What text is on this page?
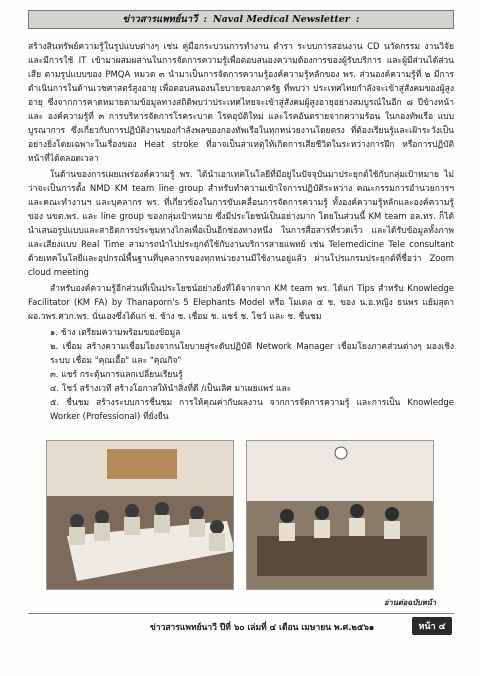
ข่าวสารแพทย์นาวี : Naval Medical Newsletter :

สร้างสินทรัพย์ความรู้ในรูปแบบต่างๆ เช่น คู่มือกระบวนการทำงาน ตำรา ระบบการสอนงาน CD นวัตกรรม งานวิจัย และมีการใช้ IT เข้ามาผสมผสานในการจัดการความรู้เพื่อตอบสนองความต้องการของผู้รับบริการ และผู้มีส่วนได้ส่วนเสีย ตามรูปแบบของ PMQA หมวด ๓ นำมาเป็นการจัดการความรู้องค์ความรู้หลักของ พร. ส่วนองค์ความรู้ที่ ๒ มีการดำเนินการในด้านเวชศาสตร์สูงอายุ เพื่อตอบสนองนโยบายของภาครัฐ ที่พบว่า ประเทศไทยกำลังจะเข้าสู่สังคมของผู้สูงอายุ ซึ่งจากการคาดหมายตามข้อมูลทางสถิติพบว่าประเทศไทยจะเข้าสู่สังคมผู้สูงอายุอย่างสมบูรณ์ในอีก ๘ ปีข้างหน้า และ องค์ความรู้ที่ ๓ การบริหารจัดการโรคระบาด โรคอุบัติใหม่ และโรคอันตรายจากความร้อน ในกองทัพเรือ แบบบูรณาการ ซึ่งเกี่ยวกับการปฏิบัติงานของกำลังพลของกองทัพเรือในทุกหน่วยงานโดยตรง ที่ต้องเรียนรู้และเฝ้าระวังเป็นอย่างยิ่งโดยเฉพาะในเรื่องของ Heat stroke ที่อาจเป็นสาเหตุให้เกิดการเสียชีวิตในระหว่างการฝึก หรือการปฏิบัติหน้าที่ได้ตลอดเวลา

ในด้านของการเผยแพร่องค์ความรู้ พร. ได้นำเอาเทคโนโลยีที่มีอยู่ในปัจจุบันมาประยุกต์ใช้กับกลุ่มเป้าหมาย ไม่ว่าจะเป็นการตั้ง NMD KM team line group สำหรับทำความเข้าใจการปฏิบัติระหว่าง คณะกรรมการอำนวยการฯ และคณะทำงานฯ และบุคลากร พร. ที่เกี่ยวข้องในการขับเคลื่อนการจัดการความรู้ ทั้งองค์ความรู้หลักและองค์ความรู้ของ นขต.พร. และ line group ของกลุ่มเป้าหมาย ซึ่งมีประโยชน์เป็นอย่างมาก โดยในส่วนนี้ KM team อล.ทร. ก็ได้นำเสนอรูปแบบและสาธิตการประชุมทางไกลเพื่อเป็นอีกช่องทางหนึ่ง ในการสื่อสารที่รวดเร็ว และได้รับข้อมูลทั้งภาพและเสียงแบบ Real Time สามารถนำไปประยุกต์ใช้กับงานบริการสายแพทย์ เช่น Telemedicine Tele consultant ด้วยเทคโนโลยีและอุปกรณ์พื้นฐานที่บุคลากรของทุกหน่วยงานมีใช้งานอยู่แล้ว ผ่านโปรแกรมประยุกต์ที่ชื่อว่า Zoom cloud meeting

สำหรับองค์ความรู้อีกส่วนที่เป็นประโยชน์อย่างยิ่งที่ได้จากจาก KM team พร. ได้แก่ Tips สำหรับ Knowledge Facilitator (KM FA) by Thanaporn's 5 Elephants Model หรือ โมเดล ๕ ช. ของ น.อ.หญิง ธนพร แย้มสุดา ผอ.วพร.ศวก.พร. นั่นเองซึ่งได้แก่ ช. ช้าง ช. เชื่อม ช. แชร์ ช. โชว์ และ ช. ชื่นชม

๑. ช้าง เตรียมความพร้อมของข้อมูล

๒. เชื่อม สร้างความเชื่อมโยงจากนโยบายสู่ระดับปฏิบัติ Network Manager เชื่อมโยงภาคส่วนต่างๆ มองเชิงระบบ เชื่อม "คุณเอื้อ" และ "คุณกิจ"

๓. แชร์ กระตุ้นการแลกเปลี่ยนเรียนรู้

๔. โชว์ สร้างเวที สร้างโอกาสให้นำสิ่งที่ดี /เป็นเลิศ มาเผยแพร่ และ

๕. ชื่นชม สร้างระบบการชื่นชม การให้คุณค่ากับผลงาน จากการจัดการความรู้ และการเป็น Knowledge Worker (Professional) ที่ยั่งยืน

อ่านต่อฉบับหน้า
ข่าวสารแพทย์นาวี ปีที่ ๖๐ เล่มที่ ๔ เดือน เมษายน พ.ศ.๒๕๖๑	หน้า ๔
